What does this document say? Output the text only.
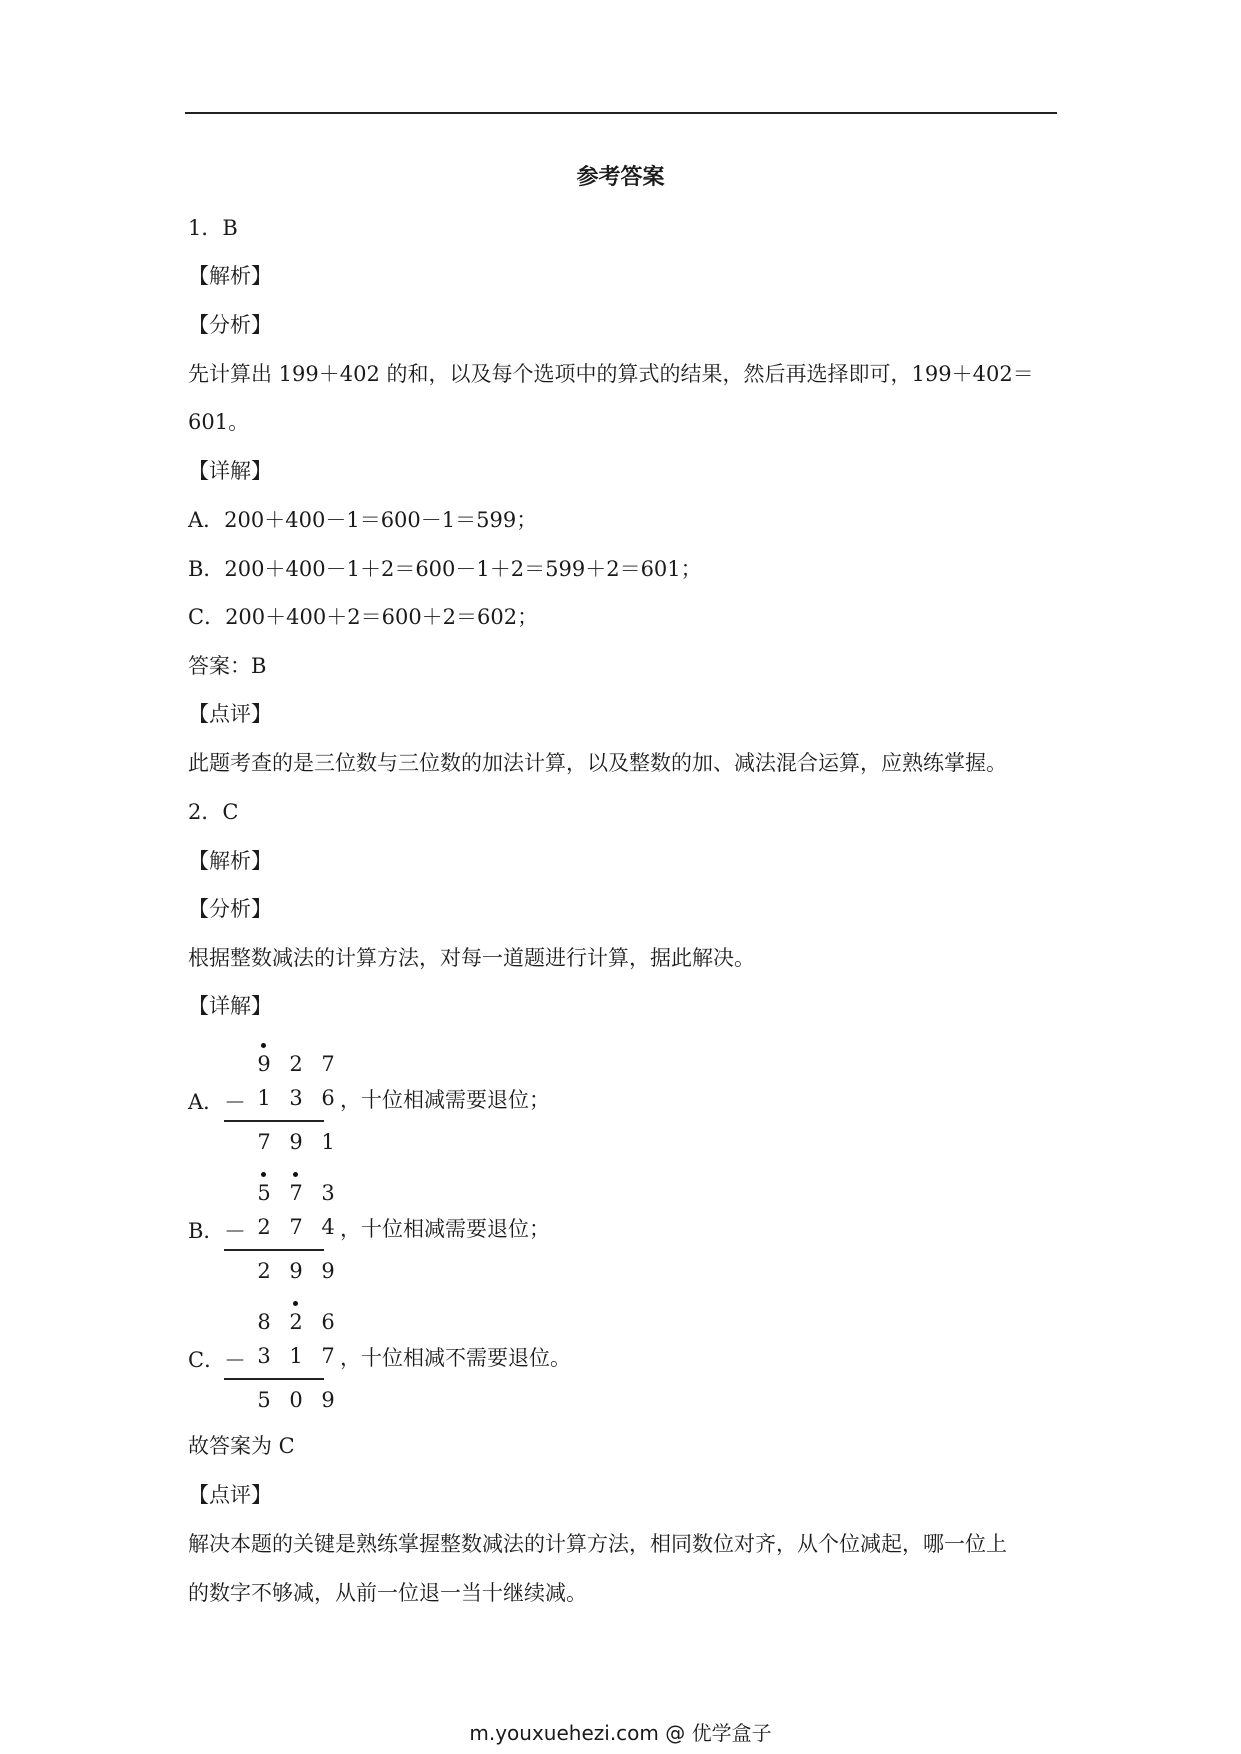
参考答案
1．B
【解析】
【分析】
先计算出 199＋402 的和，以及每个选项中的算式的结果，然后再选择即可，199＋402＝
601。
【详解】
A．200＋400－1＝600－1＝599；
B．200＋400－1＋2＝600－1＋2＝599＋2＝601；
C．200＋400＋2＝600＋2＝602；
答案：B
【点评】
此题考查的是三位数与三位数的加法计算，以及整数的加、减法混合运算，应熟练掌握。
2．C
【解析】
【分析】
根据整数减法的计算方法，对每一道题进行计算，据此解决。
【详解】
A．
9 2 7
－ 1 3 6
7 9 1
，十位相减需要退位；
B．
5 7 3
－ 2 7 4
2 9 9
，十位相减需要退位；
C．
8 2 6
－ 3 1 7
5 0 9
，十位相减不需要退位。
故答案为 C
【点评】
解决本题的关键是熟练掌握整数减法的计算方法，相同数位对齐，从个位减起，哪一位上
的数字不够减，从前一位退一当十继续减。
m.youxuehezi.com @ 优学盒子
